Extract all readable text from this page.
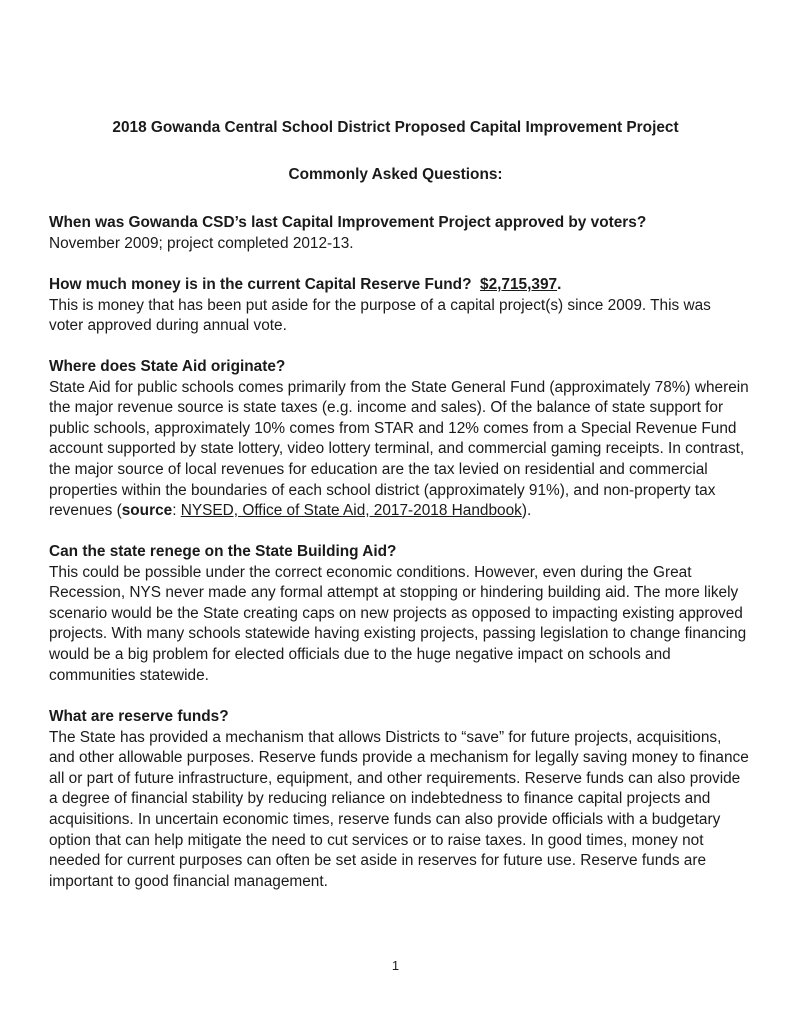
2018 Gowanda Central School District Proposed Capital Improvement Project
Commonly Asked Questions:
When was Gowanda CSD’s last Capital Improvement Project approved by voters?
November 2009; project completed 2012-13.
How much money is in the current Capital Reserve Fund? $2,715,397.
This is money that has been put aside for the purpose of a capital project(s) since 2009. This was voter approved during annual vote.
Where does State Aid originate?
State Aid for public schools comes primarily from the State General Fund (approximately 78%) wherein the major revenue source is state taxes (e.g. income and sales). Of the balance of state support for public schools, approximately 10% comes from STAR and 12% comes from a Special Revenue Fund account supported by state lottery, video lottery terminal, and commercial gaming receipts. In contrast, the major source of local revenues for education are the tax levied on residential and commercial properties within the boundaries of each school district (approximately 91%), and non-property tax revenues (source: NYSED, Office of State Aid, 2017-2018 Handbook).
Can the state renege on the State Building Aid?
This could be possible under the correct economic conditions. However, even during the Great Recession, NYS never made any formal attempt at stopping or hindering building aid. The more likely scenario would be the State creating caps on new projects as opposed to impacting existing approved projects. With many schools statewide having existing projects, passing legislation to change financing would be a big problem for elected officials due to the huge negative impact on schools and communities statewide.
What are reserve funds?
The State has provided a mechanism that allows Districts to “save” for future projects, acquisitions, and other allowable purposes. Reserve funds provide a mechanism for legally saving money to finance all or part of future infrastructure, equipment, and other requirements. Reserve funds can also provide a degree of financial stability by reducing reliance on indebtedness to finance capital projects and acquisitions. In uncertain economic times, reserve funds can also provide officials with a budgetary option that can help mitigate the need to cut services or to raise taxes. In good times, money not needed for current purposes can often be set aside in reserves for future use. Reserve funds are important to good financial management.
1
